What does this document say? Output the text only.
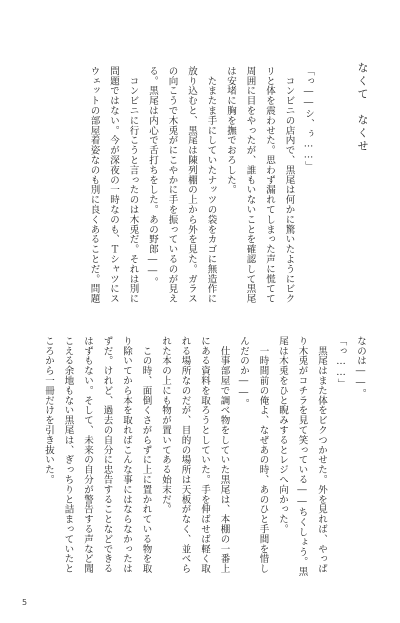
なくて　なくせ
「っ――シ、ぅ……」
　コンビニの店内で、黒尾は何かに驚いたようにビク
リと体を震わせた。思わず漏れてしまった声に慌てて
周囲に目をやったが、誰もいないことを確認して黒尾
は安堵に胸を撫でおろした。
　たまたま手にしていたナッツの袋をカゴに無造作に
放り込むと、黒尾は陳列棚の上から外を見た。ガラス
の向こうで木兎がにこやかに手を振っているのが見え
る。黒尾は内心で舌打ちをした。あの野郎――。
　コンビニに行こうと言ったのは木兎だ。それは別に
問題ではない。今が深夜の一時なのも、Ｔシャツにス
ウェットの部屋着姿なのも別に良くあることだ。問題
なのは――。
「っ……」
　黒尾はまた体をビクつかせた。外を見れば、やっぱ
り木兎がコチラを見て笑っている――ちくしょう。黒
尾は木兎をひと睨みするとレジへ向かった。
　一時間前の俺よ、なぜあの時、あのひと手間を惜し
んだのか――。
　仕事部屋で調べ物をしていた黒尾は、本棚の一番上
にある資料を取ろうとしていた。手を伸ばせば軽く取
れる場所なのだが、目的の場所は天板がなく、並べら
れた本の上にも物が置いてある始末だ。
　この時、面倒くさがらずに上に置かれている物を取
り除いてから本を取ればこんな事にはならなかったは
ずだ。けれど、過去の自分に忠告することなどできる
はずもない。そして、未来の自分が警告する声など聞
こえる余地もない黒尾は、ぎっちりと詰まっていたと
ころから一冊だけを引き抜いた。
5
